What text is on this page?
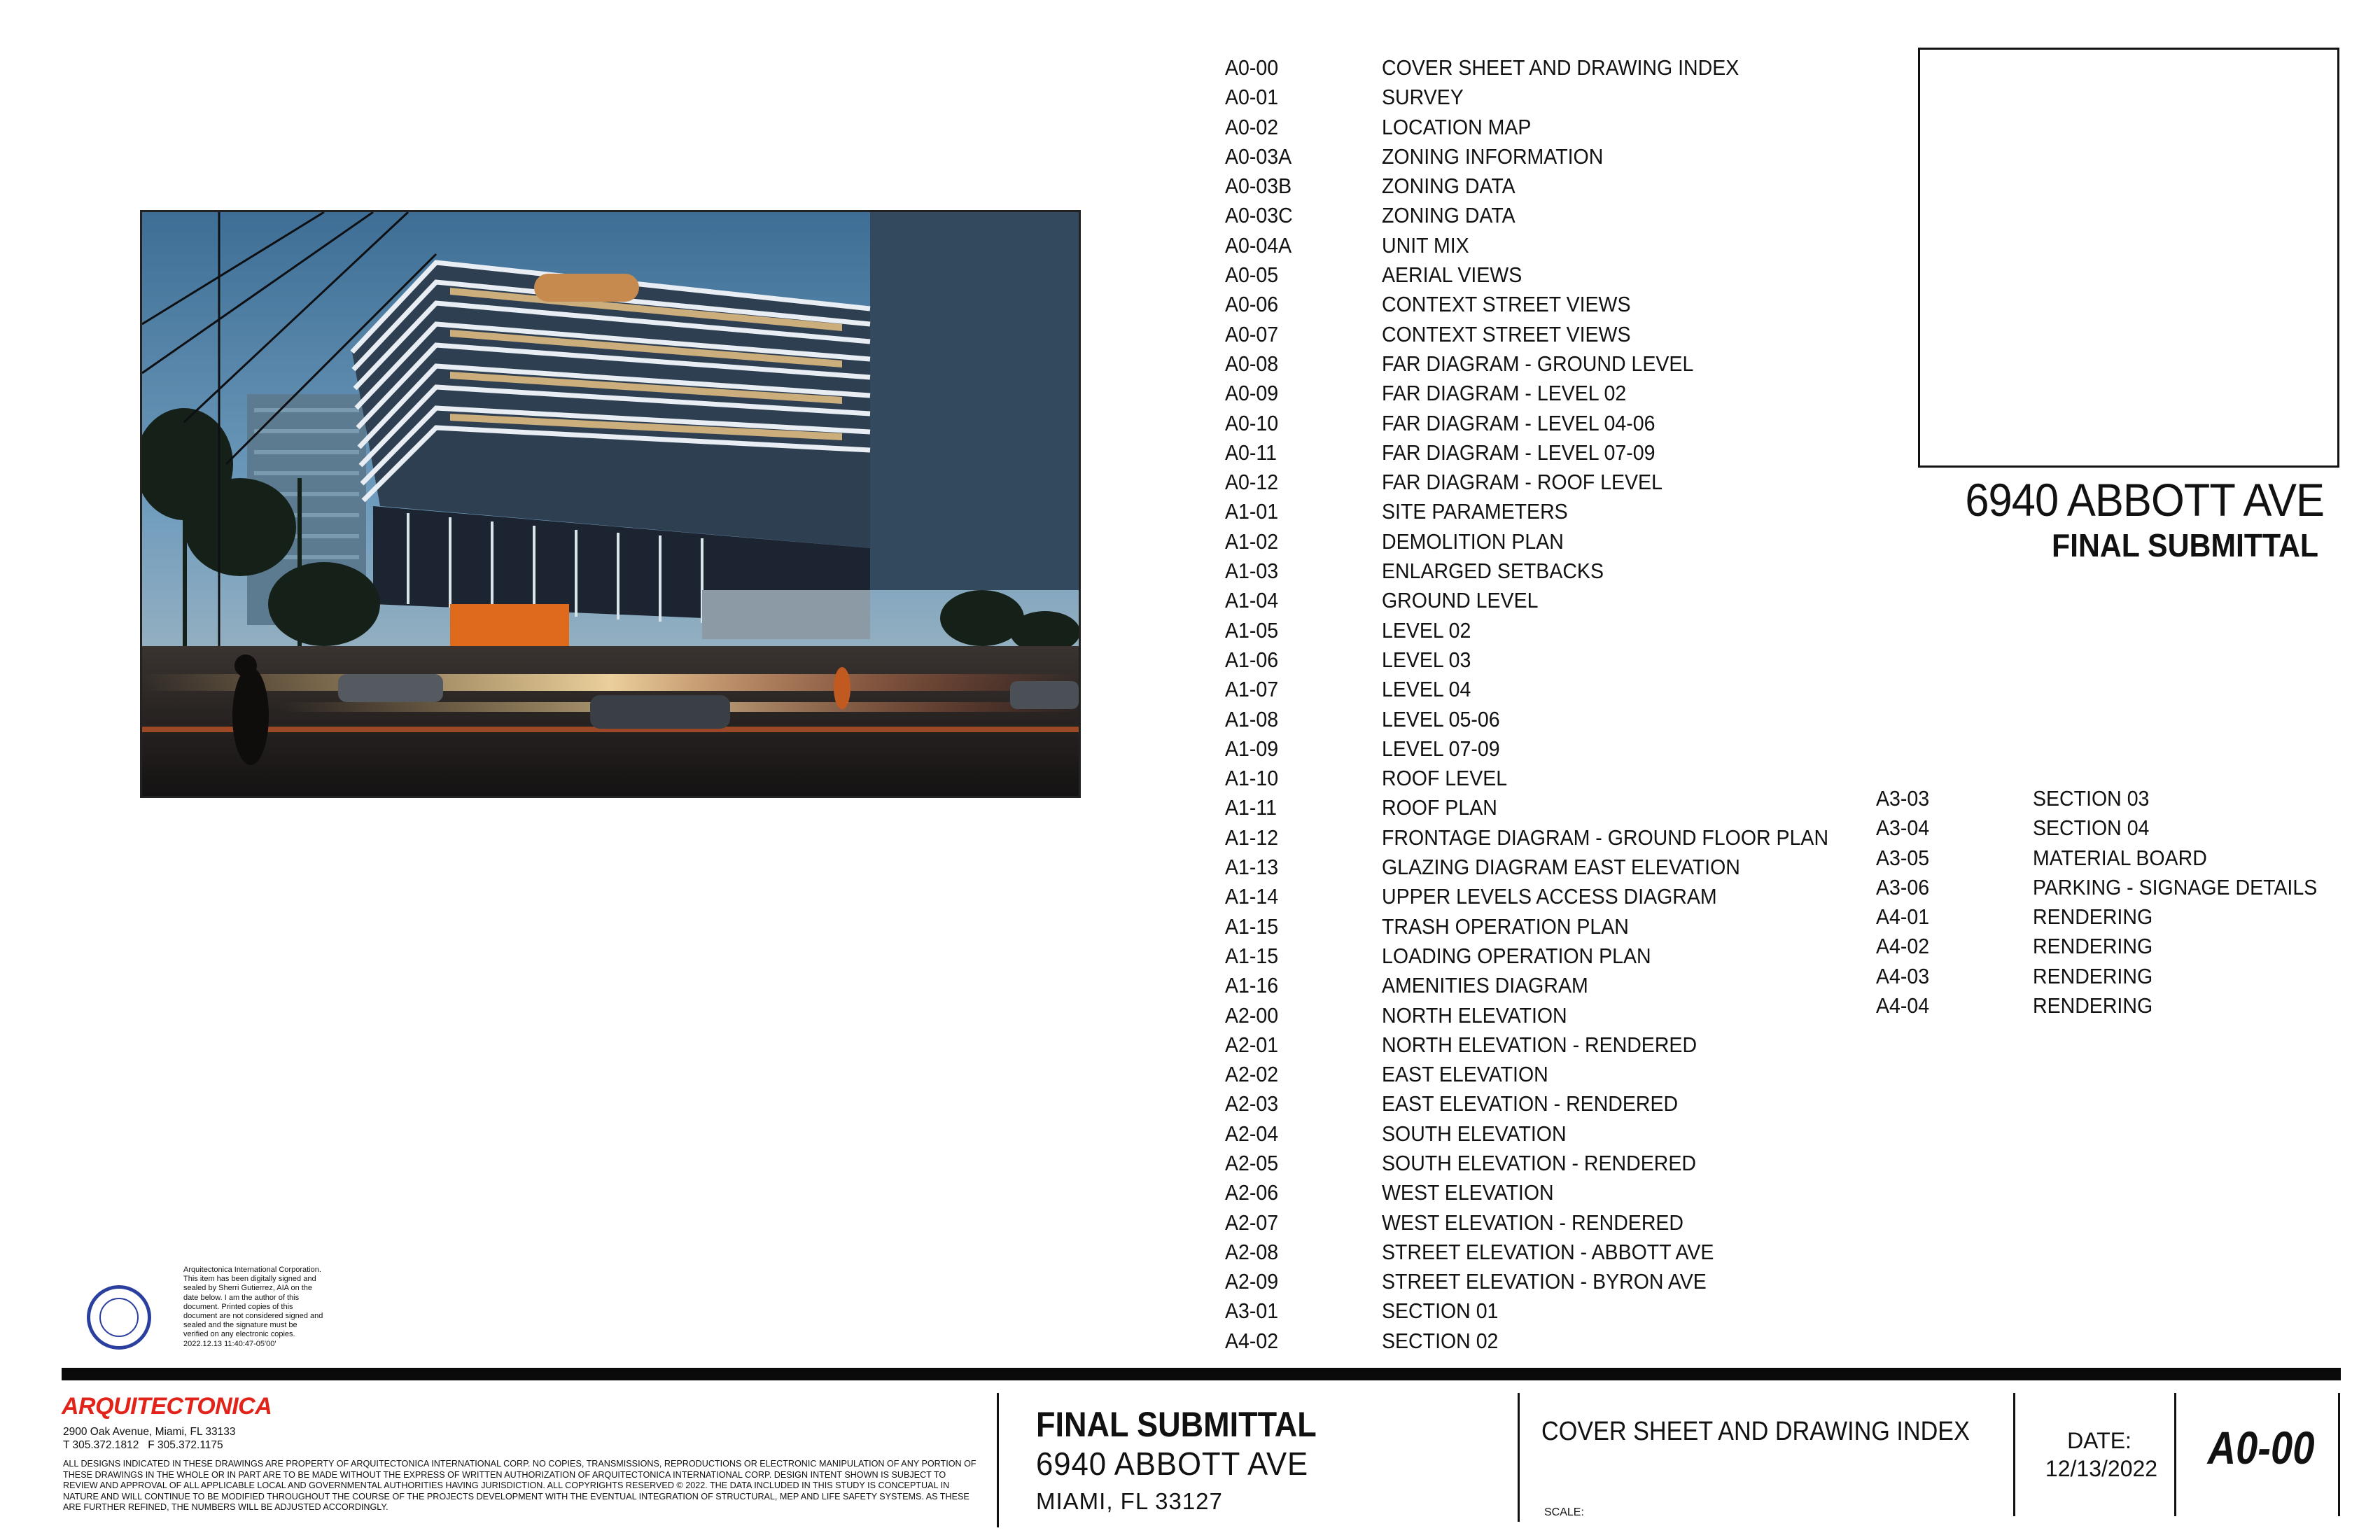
A0-00
A0-01
A0-02
A0-03A
A0-03B
A0-03C
A0-04A
A0-05
A0-06
A0-07
A0-08
A0-09
A0-10
A0-11
A0-12
A1-01
A1-02
A1-03
A1-04
A1-05
A1-06
A1-07
A1-08
A1-09
A1-10
A1-11
A1-12
A1-13
A1-14
A1-15
A1-15
A1-16
A2-00
A2-01
A2-02
A2-03
A2-04
A2-05
A2-06
A2-07
A2-08
A2-09
A3-01
A4-02
COVER SHEET AND DRAWING INDEX
SURVEY
LOCATION MAP
ZONING INFORMATION
ZONING DATA
ZONING DATA
UNIT MIX
AERIAL VIEWS
CONTEXT STREET VIEWS
CONTEXT STREET VIEWS
FAR DIAGRAM - GROUND LEVEL
FAR DIAGRAM - LEVEL 02
FAR DIAGRAM - LEVEL 04-06
FAR DIAGRAM - LEVEL 07-09
FAR DIAGRAM - ROOF LEVEL
SITE PARAMETERS
DEMOLITION PLAN
ENLARGED SETBACKS
GROUND LEVEL
LEVEL 02
LEVEL 03
LEVEL 04
LEVEL 05-06
LEVEL 07-09
ROOF LEVEL
ROOF PLAN
FRONTAGE DIAGRAM - GROUND FLOOR PLAN
GLAZING DIAGRAM EAST ELEVATION
UPPER LEVELS ACCESS DIAGRAM
TRASH OPERATION PLAN
LOADING OPERATION PLAN
AMENITIES DIAGRAM
NORTH ELEVATION
NORTH ELEVATION - RENDERED
EAST ELEVATION
EAST ELEVATION - RENDERED
SOUTH ELEVATION
SOUTH ELEVATION - RENDERED
WEST ELEVATION
WEST ELEVATION - RENDERED
STREET ELEVATION - ABBOTT AVE
STREET ELEVATION - BYRON AVE
SECTION 01
SECTION 02
A3-03
A3-04
A3-05
A3-06
A4-01
A4-02
A4-03
A4-04
SECTION 03
SECTION 04
MATERIAL BOARD
PARKING - SIGNAGE DETAILS
RENDERING
RENDERING
RENDERING
RENDERING
6940 ABBOTT AVE
FINAL SUBMITTAL
Arquitectonica International Corporation. This item has been digitally signed and sealed by Sherri Gutierrez, AIA on the date below. I am the author of this document. Printed copies of this document are not considered signed and sealed and the signature must be verified on any electronic copies. 2022.12.13 11:40:47-05'00'
ARQUITECTONICA
2900 Oak Avenue, Miami, FL 33133
T 305.372.1812   F 305.372.1175
ALL DESIGNS INDICATED IN THESE DRAWINGS ARE PROPERTY OF ARQUITECTONICA INTERNATIONAL CORP. NO COPIES, TRANSMISSIONS, REPRODUCTIONS OR ELECTRONIC MANIPULATION OF ANY PORTION OF THESE DRAWINGS IN THE WHOLE OR IN PART ARE TO BE MADE WITHOUT THE EXPRESS OF WRITTEN AUTHORIZATION OF ARQUITECTONICA INTERNATIONAL CORP. DESIGN INTENT SHOWN IS SUBJECT TO REVIEW AND APPROVAL OF ALL APPLICABLE LOCAL AND GOVERNMENTAL AUTHORITIES HAVING JURISDICTION. ALL COPYRIGHTS RESERVED © 2022. THE DATA INCLUDED IN THIS STUDY IS CONCEPTUAL IN NATURE AND WILL CONTINUE TO BE MODIFIED THROUGHOUT THE COURSE OF THE PROJECTS DEVELOPMENT WITH THE EVENTUAL INTEGRATION OF STRUCTURAL, MEP AND LIFE SAFETY SYSTEMS. AS THESE ARE FURTHER REFINED, THE NUMBERS WILL BE ADJUSTED ACCORDINGLY.
FINAL SUBMITTAL
6940 ABBOTT AVE
MIAMI, FL 33127
COVER SHEET AND DRAWING INDEX
SCALE:
DATE:
12/13/2022 A0-00
